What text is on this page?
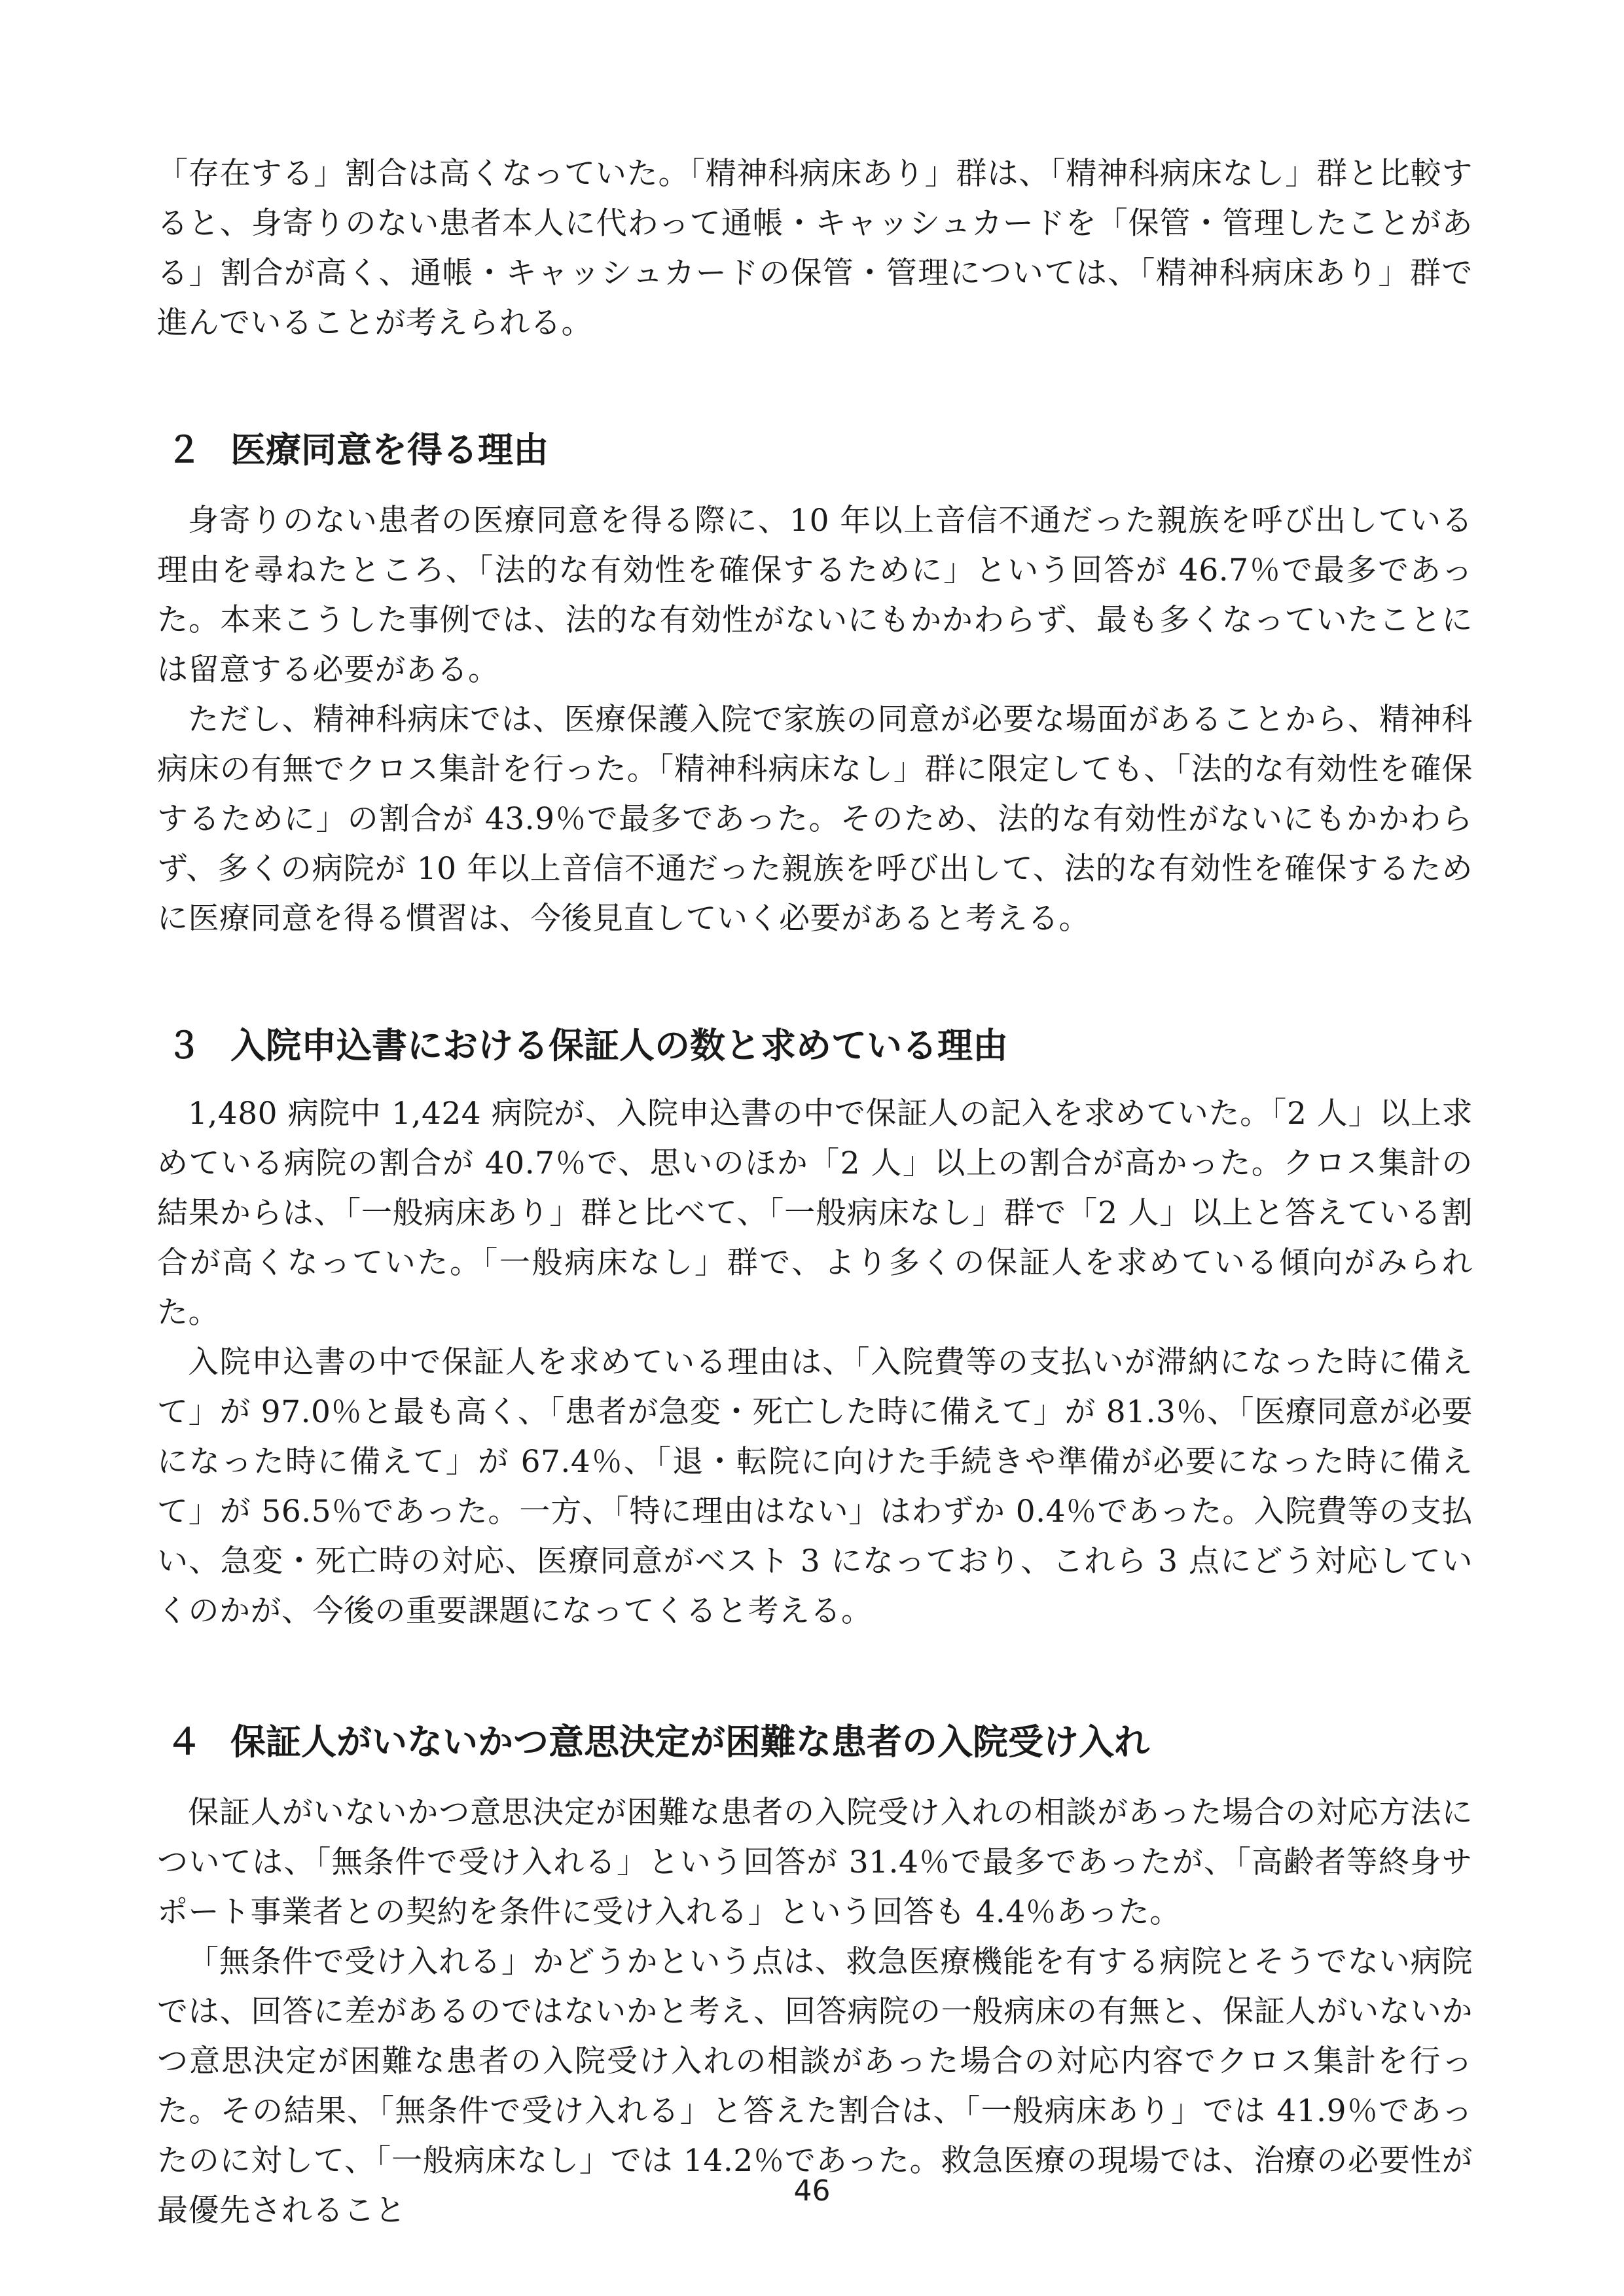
「存在する」割合は高くなっていた。「精神科病床あり」群は、「精神科病床なし」群と比較すると、身寄りのない患者本人に代わって通帳・キャッシュカードを「保管・管理したことがある」割合が高く、通帳・キャッシュカードの保管・管理については、「精神科病床あり」群で進んでいることが考えられる。

２ 医療同意を得る理由

身寄りのない患者の医療同意を得る際に、10 年以上音信不通だった親族を呼び出している理由を尋ねたところ、「法的な有効性を確保するために」という回答が 46.7％で最多であった。本来こうした事例では、法的な有効性がないにもかかわらず、最も多くなっていたことには留意する必要がある。

ただし、精神科病床では、医療保護入院で家族の同意が必要な場面があることから、精神科病床の有無でクロス集計を行った。「精神科病床なし」群に限定しても、「法的な有効性を確保するために」の割合が 43.9％で最多であった。そのため、法的な有効性がないにもかかわらず、多くの病院が 10 年以上音信不通だった親族を呼び出して、法的な有効性を確保するために医療同意を得る慣習は、今後見直していく必要があると考える。

３ 入院申込書における保証人の数と求めている理由

1,480 病院中 1,424 病院が、入院申込書の中で保証人の記入を求めていた。「2 人」以上求めている病院の割合が 40.7％で、思いのほか「2 人」以上の割合が高かった。クロス集計の結果からは、「一般病床あり」群と比べて、「一般病床なし」群で「2 人」以上と答えている割合が高くなっていた。「一般病床なし」群で、より多くの保証人を求めている傾向がみられた。

入院申込書の中で保証人を求めている理由は、「入院費等の支払いが滞納になった時に備えて」が 97.0％と最も高く、「患者が急変・死亡した時に備えて」が 81.3％、「医療同意が必要になった時に備えて」が 67.4％、「退・転院に向けた手続きや準備が必要になった時に備えて」が 56.5％であった。一方、「特に理由はない」はわずか 0.4％であった。入院費等の支払い、急変・死亡時の対応、医療同意がベスト 3 になっており、これら 3 点にどう対応していくのかが、今後の重要課題になってくると考える。

４ 保証人がいないかつ意思決定が困難な患者の入院受け入れ

保証人がいないかつ意思決定が困難な患者の入院受け入れの相談があった場合の対応方法については、「無条件で受け入れる」という回答が 31.4％で最多であったが、「高齢者等終身サポート事業者との契約を条件に受け入れる」という回答も 4.4％あった。

「無条件で受け入れる」かどうかという点は、救急医療機能を有する病院とそうでない病院では、回答に差があるのではないかと考え、回答病院の一般病床の有無と、保証人がいないかつ意思決定が困難な患者の入院受け入れの相談があった場合の対応内容でクロス集計を行った。その結果、「無条件で受け入れる」と答えた割合は、「一般病床あり」では 41.9％であったのに対して、「一般病床なし」では 14.2％であった。救急医療の現場では、治療の必要性が最優先されること

46
